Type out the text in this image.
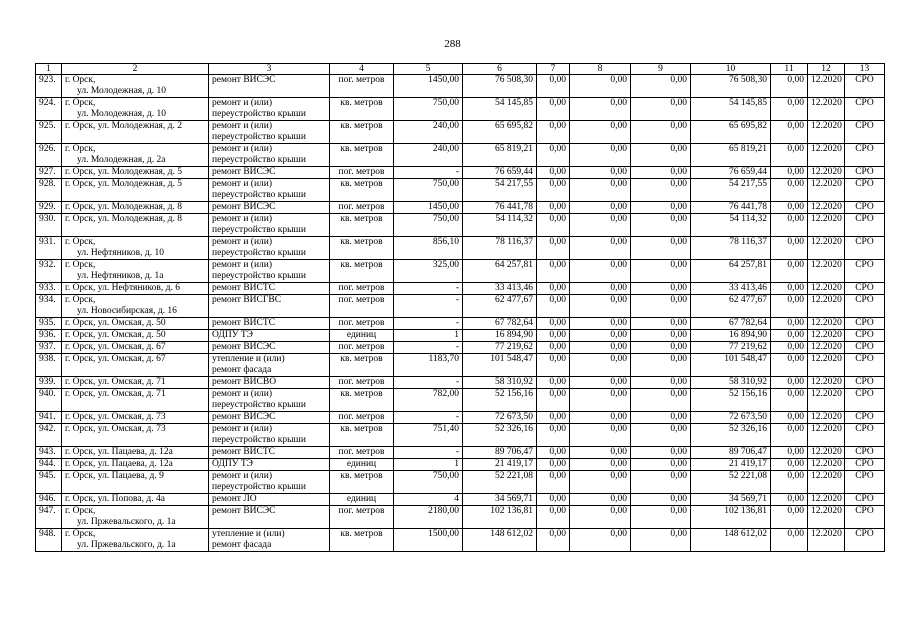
288
1	2	3	4	5	6	7	8	9	10	11	12	13
923.	г. Орск,
ул. Молодежная, д. 10	ремонт ВИСЭС	пог. метров	1450,00	76 508,30	0,00	0,00	0,00	76 508,30	0,00	12.2020	СРО
924.	г. Орск,
ул. Молодежная, д. 10	ремонт и (или)
переустройство крыши	кв. метров	750,00	54 145,85	0,00	0,00	0,00	54 145,85	0,00	12.2020	СРО
925.	г. Орск, ул. Молодежная, д. 2	ремонт и (или)
переустройство крыши	кв. метров	240,00	65 695,82	0,00	0,00	0,00	65 695,82	0,00	12.2020	СРО
926.	г. Орск,
ул. Молодежная, д. 2а	ремонт и (или)
переустройство крыши	кв. метров	240,00	65 819,21	0,00	0,00	0,00	65 819,21	0,00	12.2020	СРО
927.	г. Орск, ул. Молодежная, д. 5	ремонт ВИСЭС	пог. метров	-	76 659,44	0,00	0,00	0,00	76 659,44	0,00	12.2020	СРО
928.	г. Орск, ул. Молодежная, д. 5	ремонт и (или)
переустройство крыши	кв. метров	750,00	54 217,55	0,00	0,00	0,00	54 217,55	0,00	12.2020	СРО
929.	г. Орск, ул. Молодежная, д. 8	ремонт ВИСЭС	пог. метров	1450,00	76 441,78	0,00	0,00	0,00	76 441,78	0,00	12.2020	СРО
930.	г. Орск, ул. Молодежная, д. 8	ремонт и (или)
переустройство крыши	кв. метров	750,00	54 114,32	0,00	0,00	0,00	54 114,32	0,00	12.2020	СРО
931.	г. Орск,
ул. Нефтяников, д. 10	ремонт и (или)
переустройство крыши	кв. метров	856,10	78 116,37	0,00	0,00	0,00	78 116,37	0,00	12.2020	СРО
932.	г. Орск,
ул. Нефтяников, д. 1а	ремонт и (или)
переустройство крыши	кв. метров	325,00	64 257,81	0,00	0,00	0,00	64 257,81	0,00	12.2020	СРО
933.	г. Орск, ул. Нефтяников, д. 6	ремонт ВИСТС	пог. метров	-	33 413,46	0,00	0,00	0,00	33 413,46	0,00	12.2020	СРО
934.	г. Орск,
ул. Новосибирская, д. 16	ремонт ВИСГВС	пог. метров	-	62 477,67	0,00	0,00	0,00	62 477,67	0,00	12.2020	СРО
935.	г. Орск, ул. Омская, д. 50	ремонт ВИСТС	пог. метров	-	67 782,64	0,00	0,00	0,00	67 782,64	0,00	12.2020	СРО
936.	г. Орск, ул. Омская, д. 50	ОДПУ ТЭ	единиц	1	16 894,90	0,00	0,00	0,00	16 894,90	0,00	12.2020	СРО
937.	г. Орск, ул. Омская, д. 67	ремонт ВИСЭС	пог. метров	-	77 219,62	0,00	0,00	0,00	77 219,62	0,00	12.2020	СРО
938.	г. Орск, ул. Омская, д. 67	утепление и (или)
ремонт фасада	кв. метров	1183,70	101 548,47	0,00	0,00	0,00	101 548,47	0,00	12.2020	СРО
939.	г. Орск, ул. Омская, д. 71	ремонт ВИСВО	пог. метров	-	58 310,92	0,00	0,00	0,00	58 310,92	0,00	12.2020	СРО
940.	г. Орск, ул. Омская, д. 71	ремонт и (или)
переустройство крыши	кв. метров	782,00	52 156,16	0,00	0,00	0,00	52 156,16	0,00	12.2020	СРО
941.	г. Орск, ул. Омская, д. 73	ремонт ВИСЭС	пог. метров	-	72 673,50	0,00	0,00	0,00	72 673,50	0,00	12.2020	СРО
942.	г. Орск, ул. Омская, д. 73	ремонт и (или)
переустройство крыши	кв. метров	751,40	52 326,16	0,00	0,00	0,00	52 326,16	0,00	12.2020	СРО
943.	г. Орск, ул. Пацаева, д. 12а	ремонт ВИСТС	пог. метров	-	89 706,47	0,00	0,00	0,00	89 706,47	0,00	12.2020	СРО
944.	г. Орск, ул. Пацаева, д. 12а	ОДПУ ТЭ	единиц	1	21 419,17	0,00	0,00	0,00	21 419,17	0,00	12.2020	СРО
945.	г. Орск, ул. Пацаева, д. 9	ремонт и (или)
переустройство крыши	кв. метров	750,00	52 221,08	0,00	0,00	0,00	52 221,08	0,00	12.2020	СРО
946.	г. Орск, ул. Попова, д. 4а	ремонт ЛО	единиц	4	34 569,71	0,00	0,00	0,00	34 569,71	0,00	12.2020	СРО
947.	г. Орск,
ул. Пржевальского, д. 1а	ремонт ВИСЭС	пог. метров	2180,00	102 136,81	0,00	0,00	0,00	102 136,81	0,00	12.2020	СРО
948.	г. Орск,
ул. Пржевальского, д. 1а	утепление и (или)
ремонт фасада	кв. метров	1500,00	148 612,02	0,00	0,00	0,00	148 612,02	0,00	12.2020	СРО
